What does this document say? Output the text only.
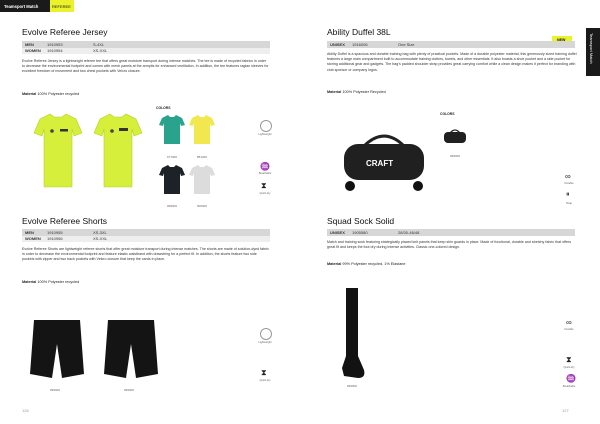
Teamsport Match	REFEREE
Teamsport Match
Evolve Referee Jersey
MEN	1910953	S-4XL
WOMEN	1910954	XS-XXL
Evolve Referee Jersey is a lightweight referee tee that offers great moisture transport during intense matches. The tee is made of recycled fabrics in order to decrease the environmental footprint and comes with mesh panels at the armpits for enhanced ventilation. In addition, the tee features raglan sleeves for excellent freedom of movement and two chest pockets with Velcro closure.
Material 100% Polyester recycled
COLORS
677000	851000
999000	900000
Lightweight
♒
Breathable
⧗
Quick-dry
Ability Duffel 38L
NEW
UNISEX	1916006	One Size
Ability Duffel is a spacious and durable training bag with plenty of practical pockets. Made of a durable polyester material, this generously sized training duffel features a large main compartment built to accommodate training clothes, towels, and other essentials. It also boasts a shoe pocket and a side pocket for storing additional gear and gadgets. The bag's padded shoulder strap provides great carrying comfort while a clean design makes it perfect for branding with club sponsor or company logos.
Material 100% Polyester Recycled
CRAFT
COLORS
999000
∞
Durable
⏸
Strap
Evolve Referee Shorts
MEN	1910955	XS-3XL
WOMEN	1910956	XS-XXL
Evolve Referee Shorts are lightweight referee shorts that offer great moisture transport during intense matches. The shorts are made of solution-dyed fabric in order to decrease the environmental footprint and feature elastic waistband with drawstring for a perfect fit. In addition, the shorts feature two side pockets with zipper and two back pockets with Velcro closure that keep the cards in place.
Material 100% Polyester recycled
999000	999000
Lightweight
⧗
Quick-dry
Squad Sock Solid
UNISEX	1905580	28/30-46/48
Match and training sock featuring strategically placed knit panels that keep shin guards in place. Made of functional, durable and stretchy fabric that offers great fit and keeps the foot dry during intense activities. Classic one-colored design.
Material 99% Polyester recycled, 1% Elastane
999000
∞
Durable
⧗
Quick-dry
♒
Breathable
126	127
